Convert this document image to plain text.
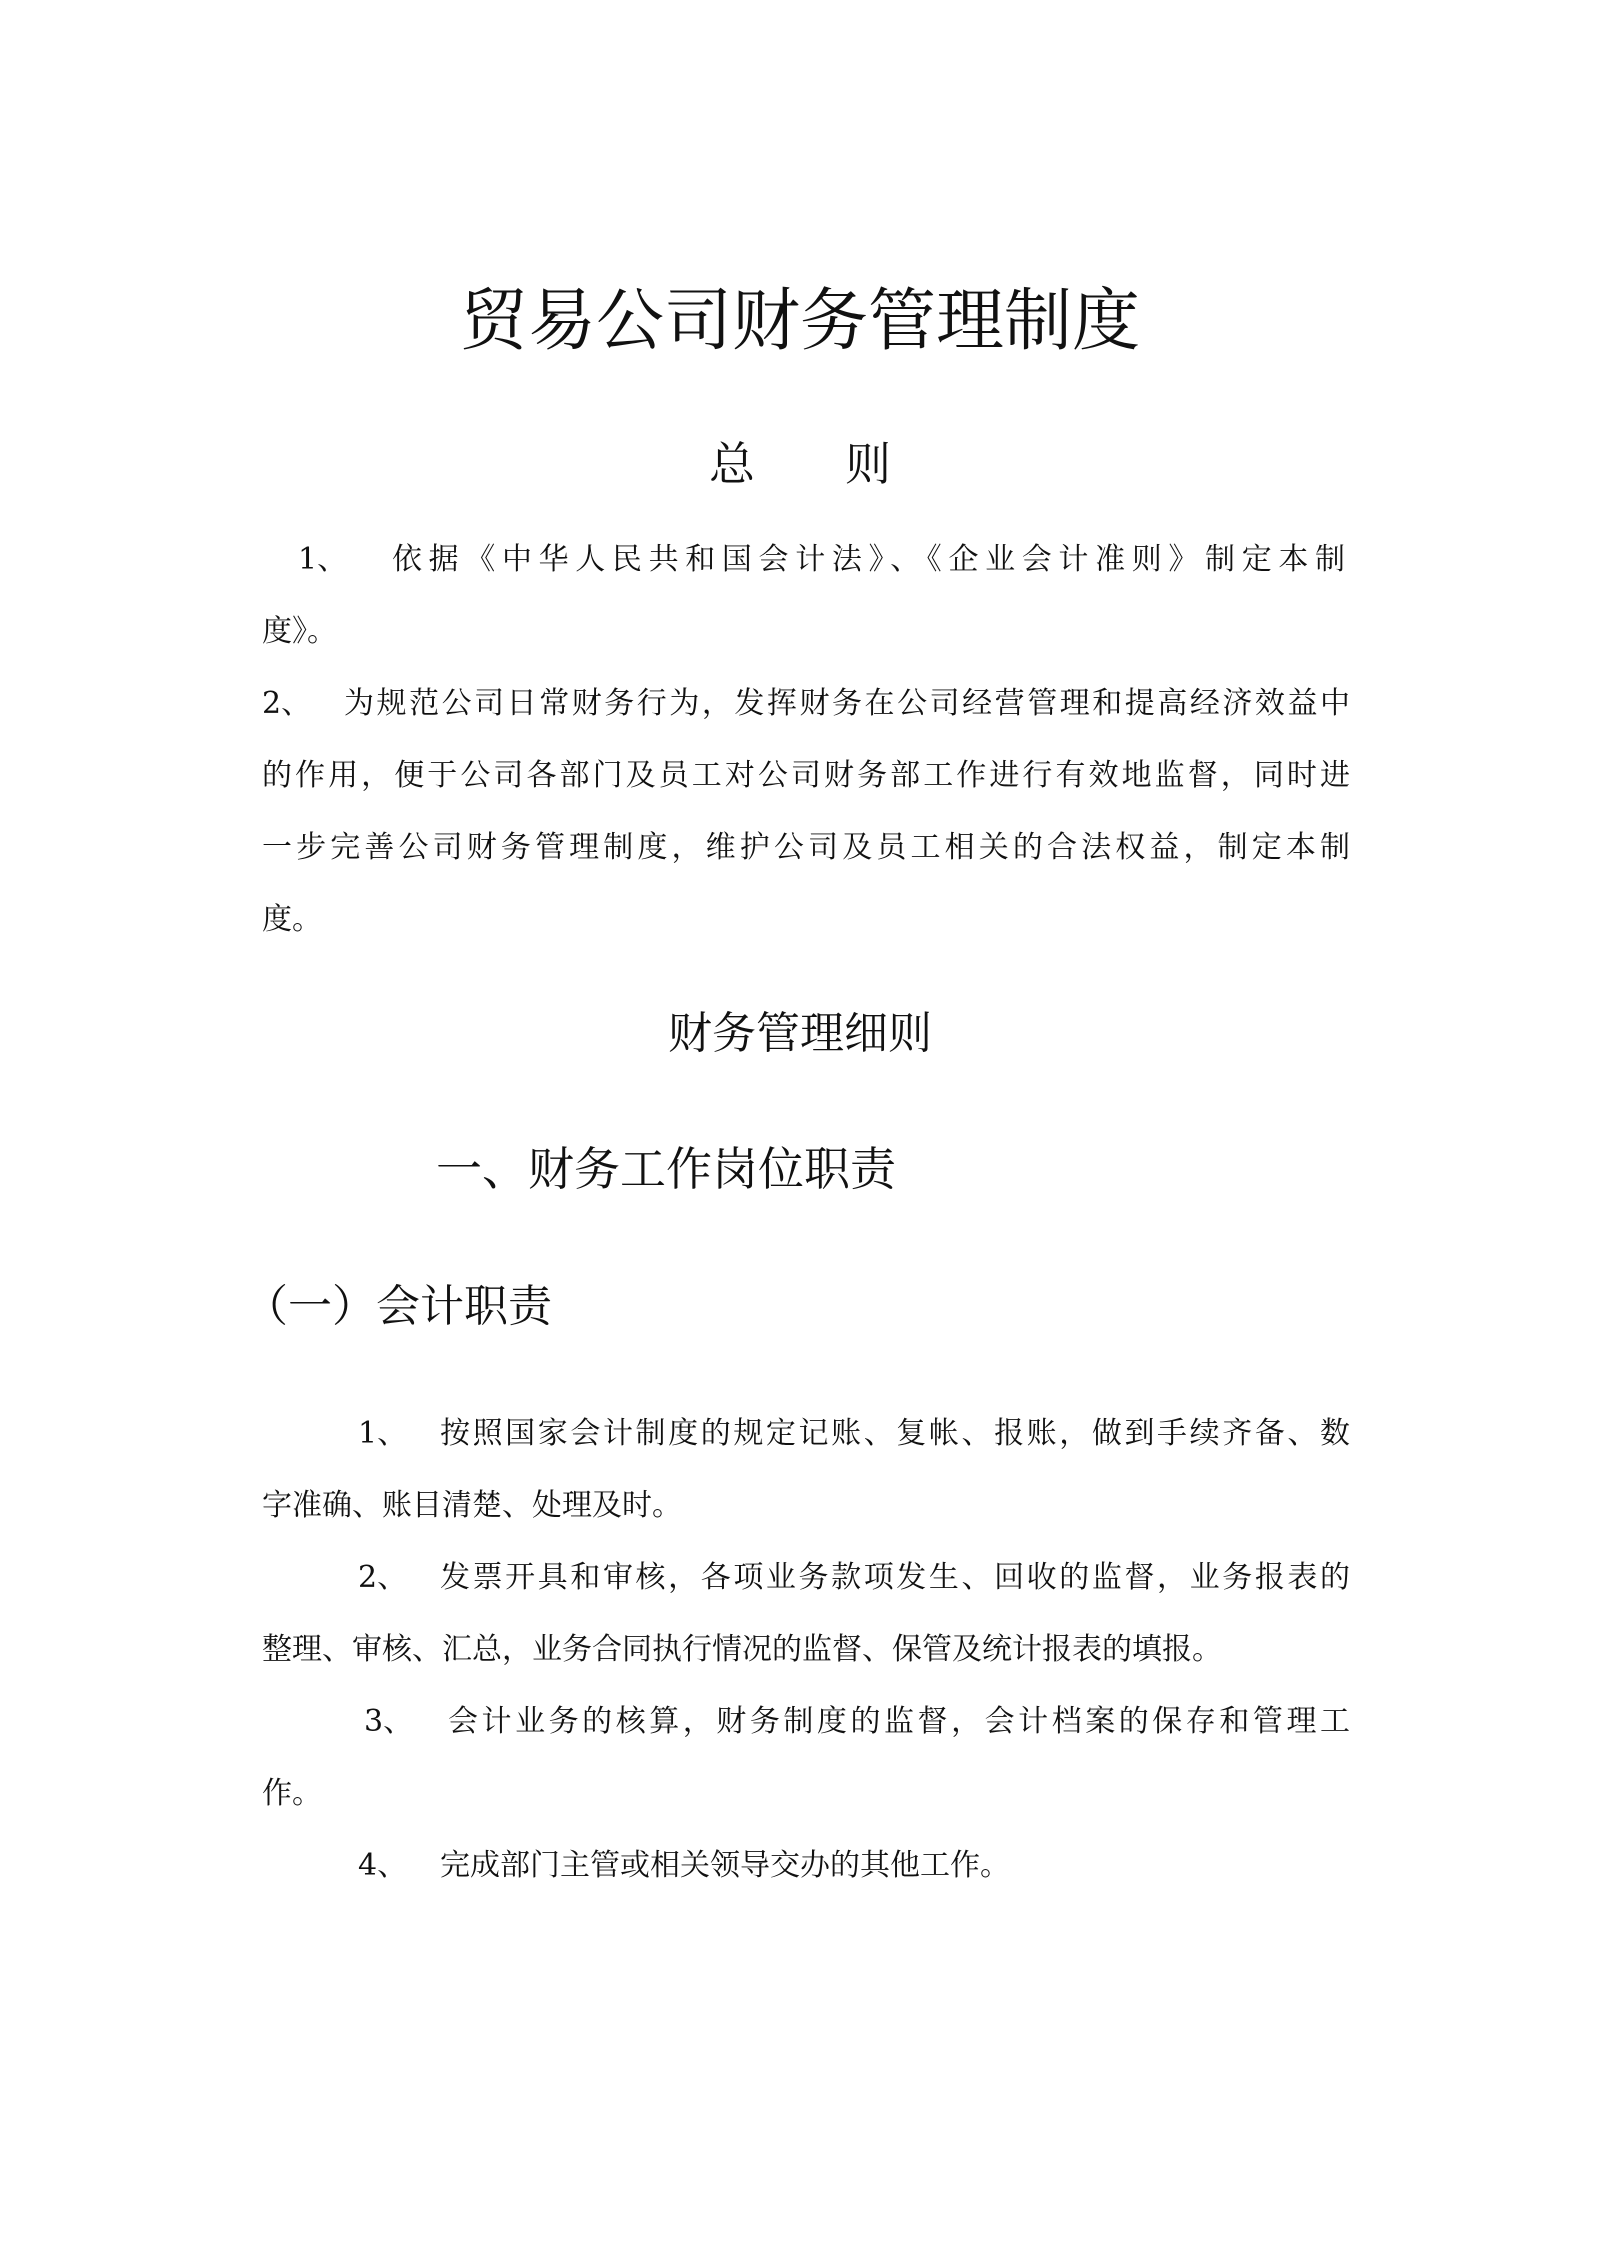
贸易公司财务管理制度
总则
1、 依据《中华人民共和国会计法》、《企业会计准则》制定本制
度》。
2、 为规范公司日常财务行为，发挥财务在公司经营管理和提高经济效益中
的作用，便于公司各部门及员工对公司财务部工作进行有效地监督，同时进
一步完善公司财务管理制度，维护公司及员工相关的合法权益，制定本制
度。
财务管理细则
一、财务工作岗位职责
（一）会计职责
1、 按照国家会计制度的规定记账、复帐、报账，做到手续齐备、数
字准确、账目清楚、处理及时。
2、 发票开具和审核，各项业务款项发生、回收的监督，业务报表的
整理、审核、汇总，业务合同执行情况的监督、保管及统计报表的填报。
3、 会计业务的核算，财务制度的监督，会计档案的保存和管理工
作。
4、 完成部门主管或相关领导交办的其他工作。
